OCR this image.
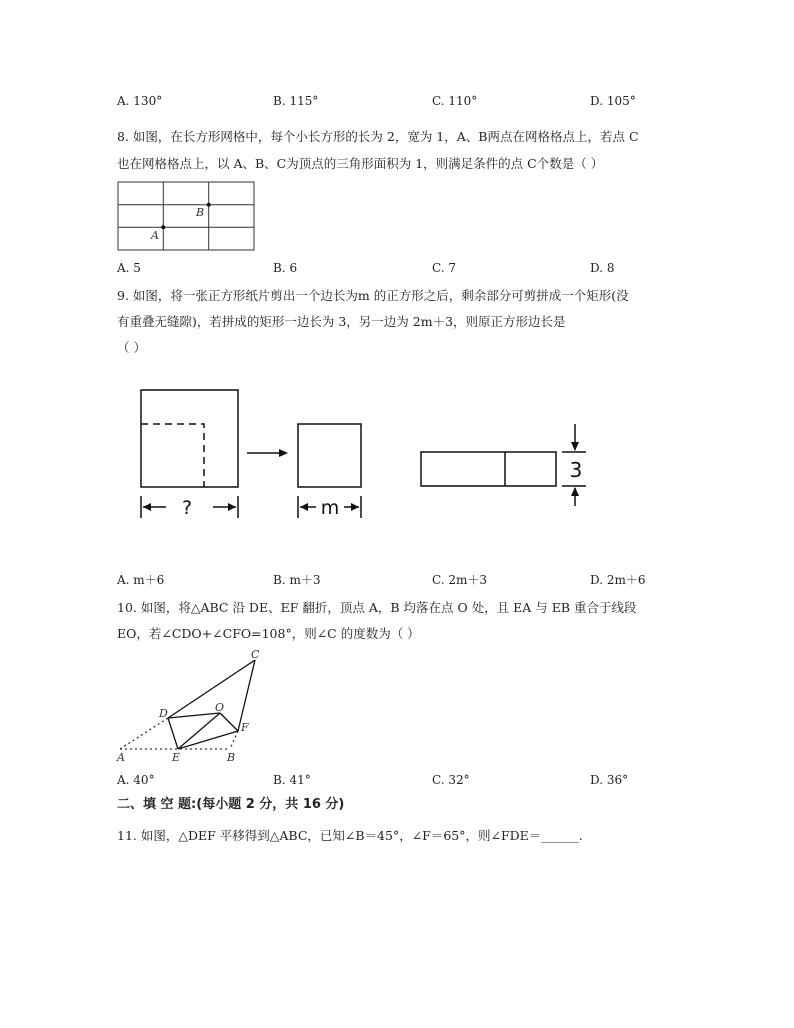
A. 130°	B. 115°	C. 110°	D. 105°
8. 如图，在长方形网格中，每个小长方形的长为 2，宽为 1，A、B两点在网格格点上，若点 C
也在网格格点上，以 A、B、C为顶点的三角形面积为 1，则满足条件的点 C个数是（ ）
A
B
A. 5	B. 6	C. 7	D. 8
9. 如图，将一张正方形纸片剪出一个边长为m 的正方形之后，剩余部分可剪拼成一个矩形(没
有重叠无缝隙)，若拼成的矩形一边长为 3，另一边为 2m＋3，则原正方形边长是
（ ）
?	m
3
A. m＋6	B. m＋3	C. 2m＋3	D. 2m＋6
10. 如图，将△ABC 沿 DE、EF 翻折，顶点 A，B 均落在点 O 处，且 EA 与 EB 重合于线段
EO，若∠CDO+∠CFO=108°，则∠C 的度数为（ ）
C
D	O
F
A	E	B
A. 40°	B. 41°	C. 32°	D. 36°
二、填 空 题:(每小题 2 分，共 16 分)
11. 如图，△DEF 平移得到△ABC，已知∠B＝45°，∠F＝65°，则∠FDE＝______.
